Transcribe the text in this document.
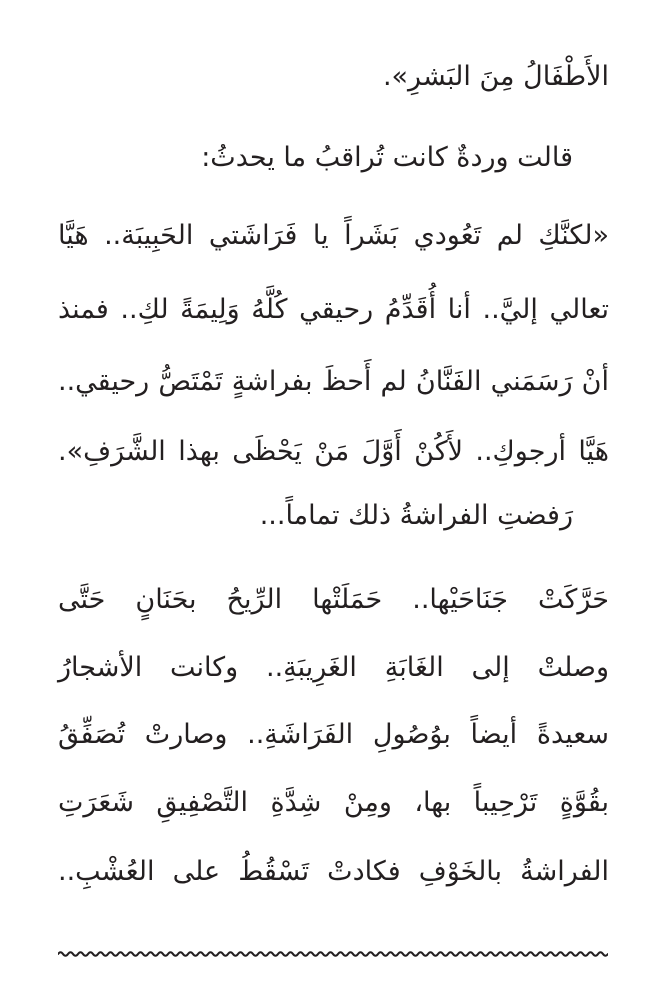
الأَطْفَالُ مِنَ البَشرِ».
قالت وردةٌ كانت تُراقبُ ما يحدثُ:
«لكنَّكِ لم تَعُودي بَشَراً يا فَرَاشَتي الحَبِيبَة.. هَيَّا
تعالي إليَّ.. أنا أُقَدِّمُ رحيقي كُلَّهُ وَلِيمَةً لكِ.. فمنذ
أنْ رَسَمَني الفَنَّانُ لم أَحظَ بفراشةٍ تَمْتَصُّ رحيقي..
هَيَّا أرجوكِ.. لأَكُنْ أَوَّلَ مَنْ يَحْظَى بهذا الشَّرَفِ».
رَفضتِ الفراشةُ ذلك تماماً...
حَرَّكَتْ جَنَاحَيْها.. حَمَلَتْها الرِّيحُ بحَنَانٍ حَتَّى
وصلتْ إلى الغَابَةِ الغَرِيبَةِ.. وكانت الأشجارُ
سعيدةً أيضاً بوُصُولِ الفَرَاشَةِ.. وصارتْ تُصَفِّقُ
بقُوَّةٍ تَرْحِيباً بها، ومِنْ شِدَّةِ التَّصْفِيقِ شَعَرَتِ
الفراشةُ بالخَوْفِ فكادتْ تَسْقُطُ على العُشْبِ..
